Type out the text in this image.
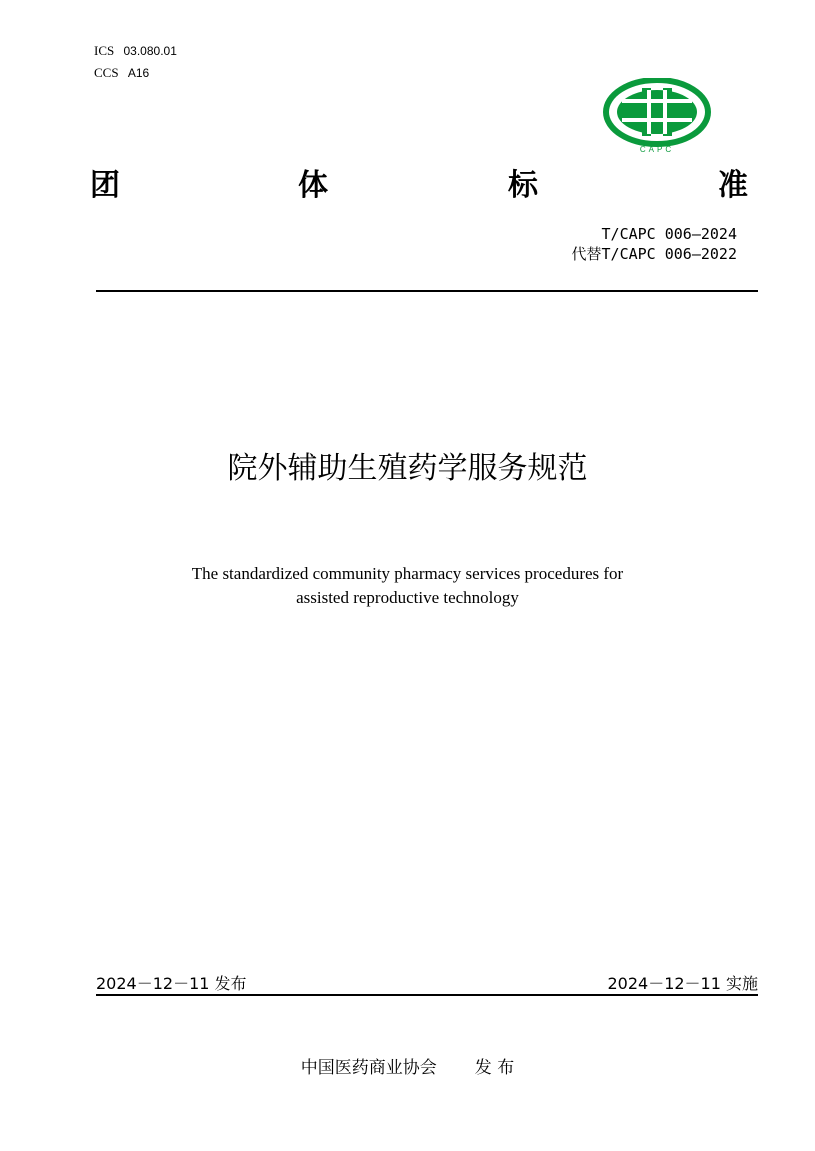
ICS 03.080.01
CCS A16
CAPC
团	体	标	准
T/CAPC 006—2024
代替T/CAPC 006—2022
院外辅助生殖药学服务规范
The standardized community pharmacy services procedures for
assisted reproductive technology
2024－12－11 发布	2024－12－11 实施
中国医药商业协会 发 布
